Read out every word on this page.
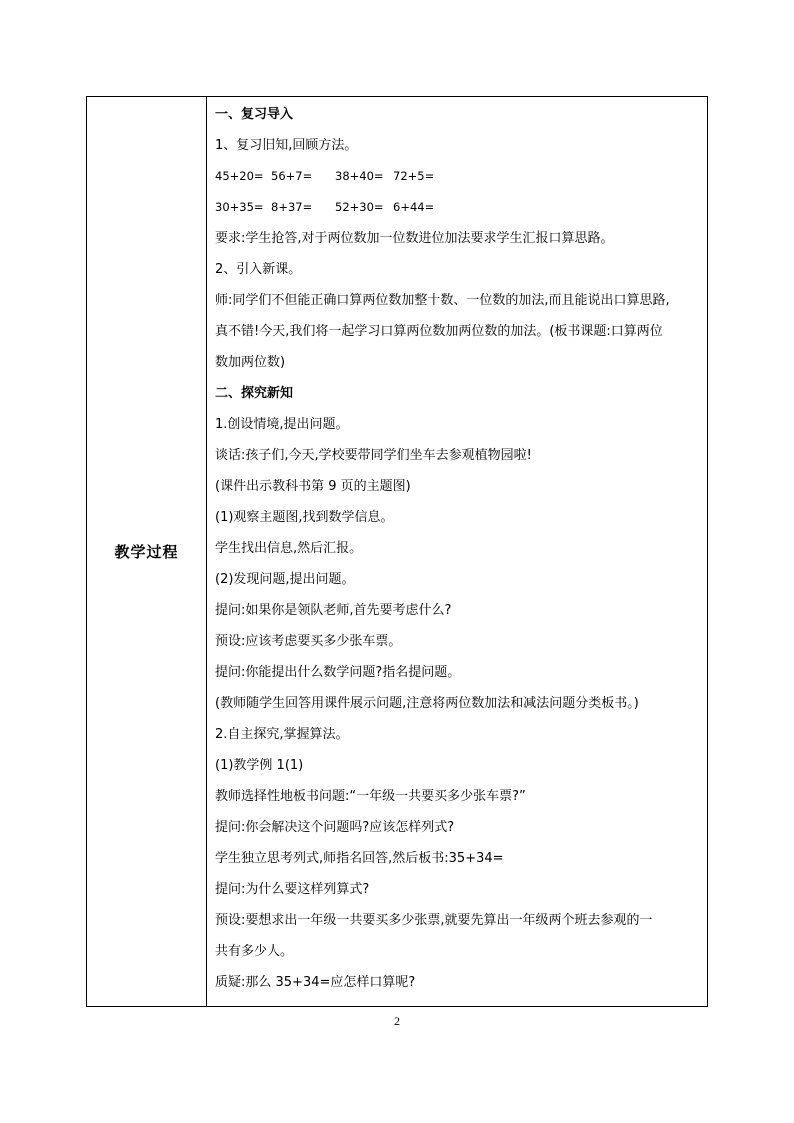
教学过程
一、复习导入
1、复习旧知,回顾方法。
45+20= 56+7= 38+40= 72+5=
30+35= 8+37= 52+30= 6+44=
要求:学生抢答,对于两位数加一位数进位加法要求学生汇报口算思路。
2、引入新课。
师:同学们不但能正确口算两位数加整十数、一位数的加法,而且能说出口算思路,
真不错!今天,我们将一起学习口算两位数加两位数的加法。(板书课题:口算两位
数加两位数)
二、探究新知
1.创设情境,提出问题。
谈话:孩子们,今天,学校要带同学们坐车去参观植物园啦!
(课件出示教科书第 9 页的主题图)
(1)观察主题图,找到数学信息。
学生找出信息,然后汇报。
(2)发现问题,提出问题。
提问:如果你是领队老师,首先要考虑什么?
预设:应该考虑要买多少张车票。
提问:你能提出什么数学问题?指名提问题。
(教师随学生回答用课件展示问题,注意将两位数加法和减法问题分类板书。)
2.自主探究,掌握算法。
(1)教学例 1(1)
教师选择性地板书问题:“一年级一共要买多少张车票?”
提问:你会解决这个问题吗?应该怎样列式?
学生独立思考列式,师指名回答,然后板书:35+34=
提问:为什么要这样列算式?
预设:要想求出一年级一共要买多少张票,就要先算出一年级两个班去参观的一
共有多少人。
质疑:那么 35+34=应怎样口算呢?
2
